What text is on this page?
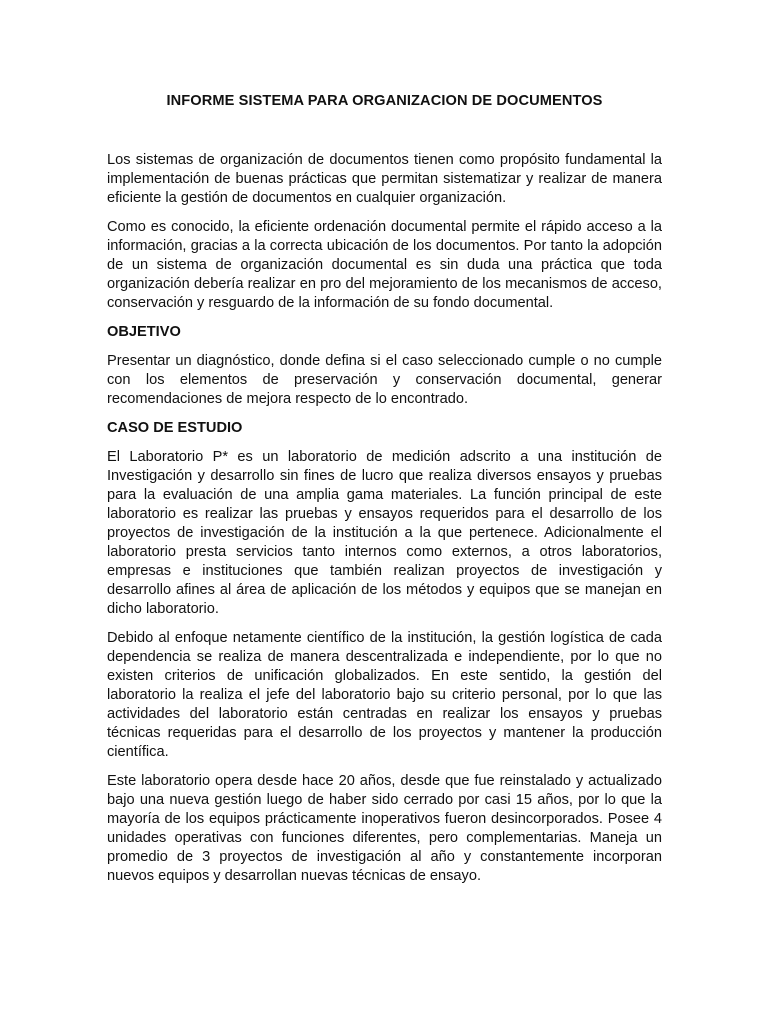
INFORME SISTEMA PARA ORGANIZACION DE DOCUMENTOS

Los sistemas de organización de documentos tienen como propósito fundamental la implementación de buenas prácticas que permitan sistematizar y realizar de manera eficiente la gestión de documentos en cualquier organización.

Como es conocido, la eficiente ordenación documental permite el rápido acceso a la información, gracias a la correcta ubicación de los documentos. Por tanto la adopción de un sistema de organización documental es sin duda una práctica que toda organización debería realizar en pro del mejoramiento de los mecanismos de acceso, conservación y resguardo de la información de su fondo documental.

OBJETIVO

Presentar un diagnóstico, donde defina si el caso seleccionado cumple o no cumple con los elementos de preservación y conservación documental, generar recomendaciones de mejora respecto de lo encontrado.

CASO DE ESTUDIO

El Laboratorio P* es un laboratorio de medición adscrito a una institución de Investigación y desarrollo sin fines de lucro que realiza diversos ensayos y pruebas para la evaluación de una amplia gama materiales. La función principal de este laboratorio es realizar las pruebas y ensayos requeridos para el desarrollo de los proyectos de investigación de la institución a la que pertenece. Adicionalmente el laboratorio presta servicios tanto internos como externos, a otros laboratorios, empresas e instituciones que también realizan proyectos de investigación y desarrollo afines al área de aplicación de los métodos y equipos que se manejan en dicho laboratorio.

Debido al enfoque netamente científico de la institución, la gestión logística de cada dependencia se realiza de manera descentralizada e independiente, por lo que no existen criterios de unificación globalizados. En este sentido, la gestión del laboratorio la realiza el jefe del laboratorio bajo su criterio personal, por lo que las actividades del laboratorio están centradas en realizar los ensayos y pruebas técnicas requeridas para el desarrollo de los proyectos y mantener la producción científica.

Este laboratorio opera desde hace 20 años, desde que fue reinstalado y actualizado bajo una nueva gestión luego de haber sido cerrado por casi 15 años, por lo que la mayoría de los equipos prácticamente inoperativos fueron desincorporados. Posee 4 unidades operativas con funciones diferentes, pero complementarias. Maneja un promedio de 3 proyectos de investigación al año y constantemente incorporan nuevos equipos y desarrollan nuevas técnicas de ensayo.
